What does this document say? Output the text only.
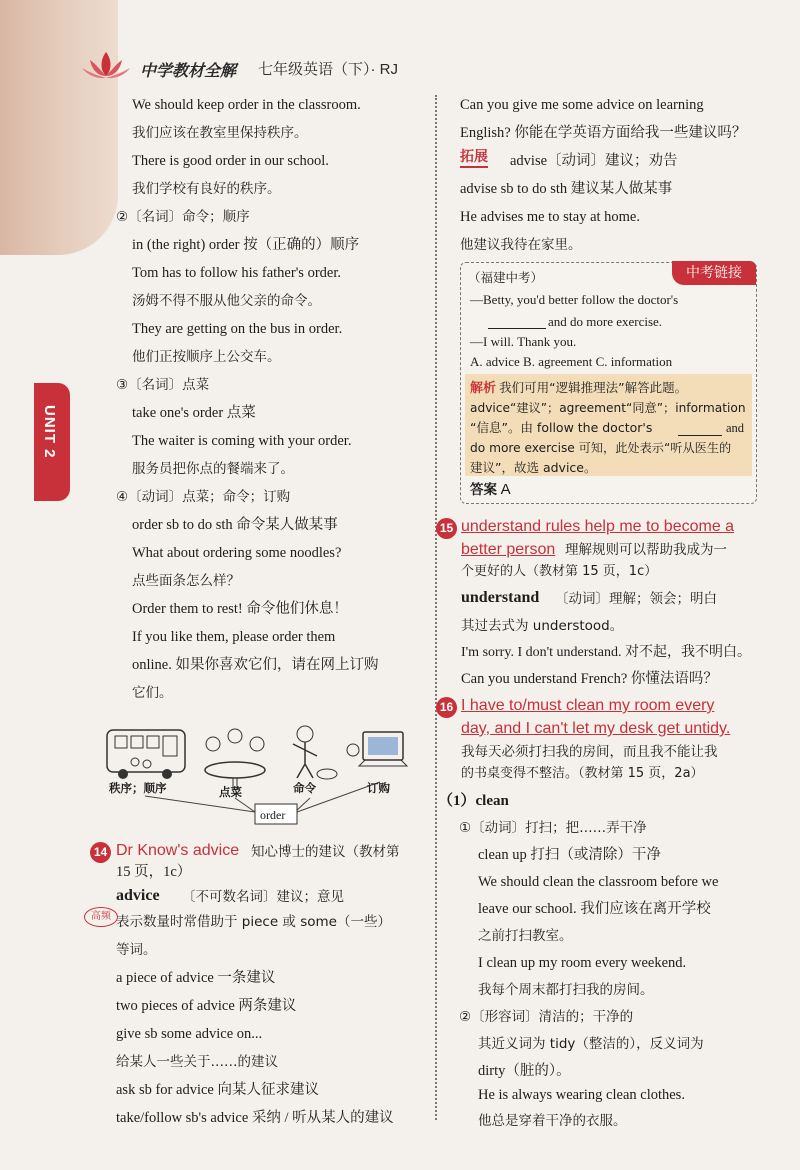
中学教材全解 七年级英语（下）· RJ
UNIT 2
We should keep order in the classroom.
我们应该在教室里保持秩序。
There is good order in our school.
我们学校有良好的秩序。
②〔名词〕命令；顺序
in (the right) order 按（正确的）顺序
Tom has to follow his father's order.
汤姆不得不服从他父亲的命令。
They are getting on the bus in order.
他们正按顺序上公交车。
③〔名词〕点菜
take one's order 点菜
The waiter is coming with your order.
服务员把你点的餐端来了。
④〔动词〕点菜；命令；订购
order sb to do sth 命令某人做某事
What about ordering some noodles?
点些面条怎么样？
Order them to rest! 命令他们休息！
If you like them, please order them
online. 如果你喜欢它们，请在网上订购
它们。
秩序；顺序	点菜	命令	订购
order
14 Dr Know's advice 知心博士的建议（教材第
15 页，1c）
advice 〔不可数名词〕建议；意见
高频 表示数量时常借助于 piece 或 some（一些）
等词。
a piece of advice 一条建议
two pieces of advice 两条建议
give sb some advice on...
给某人一些关于……的建议
ask sb for advice 向某人征求建议
take/follow sb's advice 采纳 / 听从某人的建议
Can you give me some advice on learning
English? 你能在学英语方面给我一些建议吗？
拓展 advise〔动词〕建议；劝告
advise sb to do sth 建议某人做某事
He advises me to stay at home.
他建议我待在家里。
中考链接
（福建中考）
—Betty, you'd better follow the doctor's
and do more exercise.
—I will. Thank you.
A. advice B. agreement C. information
解析 我们可用“逻辑推理法”解答此题。
advice“建议”；agreement“同意”；information
“信息”。由 follow the doctor's	and
do more exercise 可知，此处表示“听从医生的
建议”，故选 advice。
答案 A
15 understand rules help me to become a
better person 理解规则可以帮助我成为一
个更好的人（教材第 15 页，1c）
understand 〔动词〕理解；领会；明白
其过去式为 understood。
I'm sorry. I don't understand. 对不起，我不明白。
Can you understand French? 你懂法语吗？
16 I have to/must clean my room every
day, and I can't let my desk get untidy.
我每天必须打扫我的房间，而且我不能让我
的书桌变得不整洁。（教材第 15 页，2a）
（1）clean
①〔动词〕打扫；把……弄干净
clean up 打扫（或清除）干净
We should clean the classroom before we
leave our school. 我们应该在离开学校
之前打扫教室。
I clean up my room every weekend.
我每个周末都打扫我的房间。
②〔形容词〕清洁的；干净的
其近义词为 tidy（整洁的），反义词为
dirty（脏的）。
He is always wearing clean clothes.
他总是穿着干净的衣服。
